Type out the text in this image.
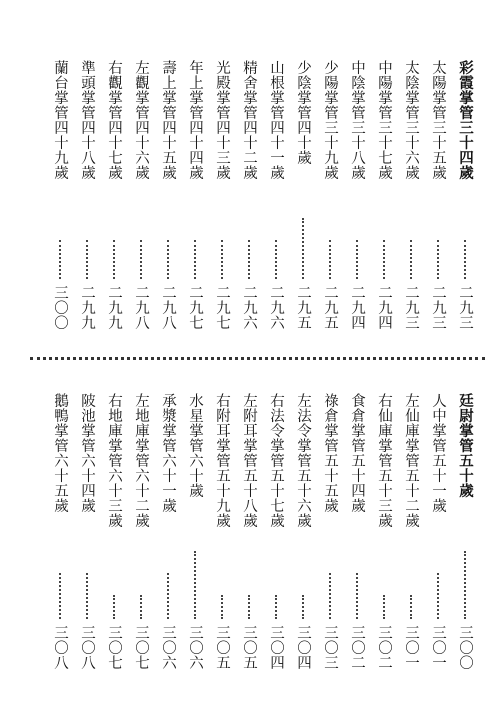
彩霞掌管三十四歲
二九三
太陽掌管三十五歲
二九三
太陰掌管三十六歲
二九三
中陽掌管三十七歲
二九四
中陰掌管三十八歲
二九四
少陽掌管三十九歲
二九五
少陰掌管四十歲
二九五
山根掌管四十一歲
二九六
精舍掌管四十二歲
二九六
光殿掌管四十三歲
二九七
年上掌管四十四歲
二九七
壽上掌管四十五歲
二九八
左觀掌管四十六歲
二九八
右觀掌管四十七歲
二九九
準頭掌管四十八歲
二九九
蘭台掌管四十九歲
三〇〇
廷尉掌管五十歲
三〇〇
人中掌管五十一歲
三〇一
左仙庫掌管五十二歲
三〇一
右仙庫掌管五十三歲
三〇二
食倉掌管五十四歲
三〇二
祿倉掌管五十五歲
三〇三
左法令掌管五十六歲
三〇四
右法令掌管五十七歲
三〇四
左附耳掌管五十八歲
三〇五
右附耳掌管五十九歲
三〇五
水星掌管六十歲
三〇六
承漿掌管六十一歲
三〇六
左地庫掌管六十二歲
三〇七
右地庫掌管六十三歲
三〇七
陂池掌管六十四歲
三〇八
鵝鴨掌管六十五歲
三〇八
